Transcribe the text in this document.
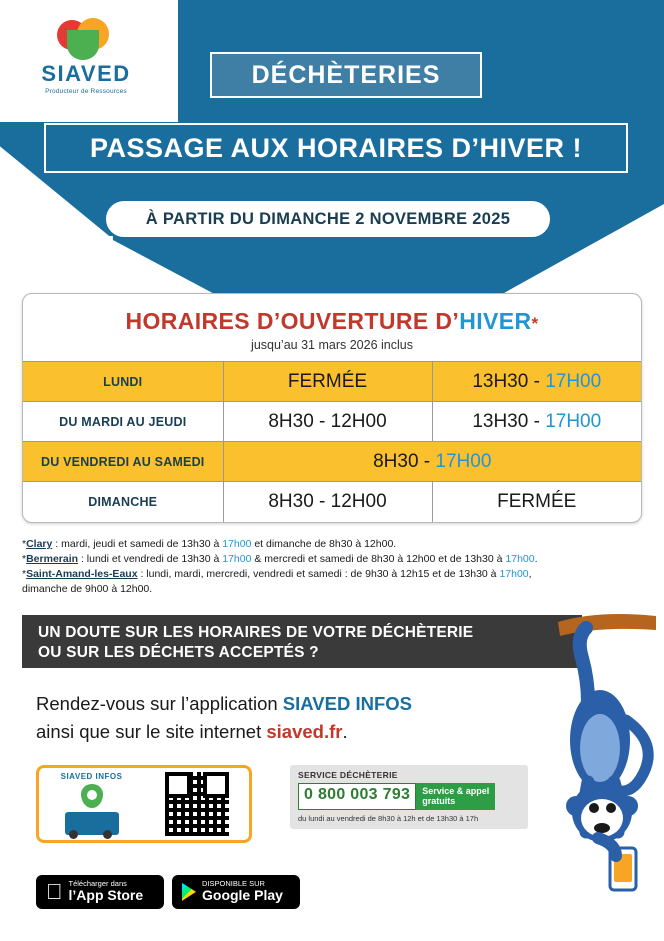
SIAVED
Producteur de Ressources
DÉCHÈTERIES
PASSAGE AUX HORAIRES D’HIVER !
À PARTIR DU DIMANCHE 2 NOVEMBRE 2025
HORAIRES D’OUVERTURE D’HIVER*
jusqu’au 31 mars 2026 inclus
LUNDI	FERMÉE	13H30 - 17H00
DU MARDI AU JEUDI	8H30 - 12H00	13H30 - 17H00
DU VENDREDI AU SAMEDI	8H30 - 17H00	
DIMANCHE	8H30 - 12H00	FERMÉE
*Clary : mardi, jeudi et samedi de 13h30 à 17h00 et dimanche de 8h30 à 12h00.
*Bermerain : lundi et vendredi de 13h30 à 17h00 & mercredi et samedi de 8h30 à 12h00 et de 13h30 à 17h00.
*Saint-Amand-les-Eaux : lundi, mardi, mercredi, vendredi et samedi : de 9h30 à 12h15 et de 13h30 à 17h00,
dimanche de 9h00 à 12h00.
UN DOUTE SUR LES HORAIRES DE VOTRE DÉCHÈTERIE
OU SUR LES DÉCHETS ACCEPTÉS ?
Rendez-vous sur l’application SIAVED INFOS
ainsi que sur le site internet siaved.fr.
SIAVED INFOS	SERVICE DÉCHÈTERIE
0 800 003 793	Service & appel
gratuits
du lundi au vendredi de 8h30 à 12h et de 13h30 à 17h
Télécharger dans
l’App Store
DISPONIBLE SUR
Google Play
